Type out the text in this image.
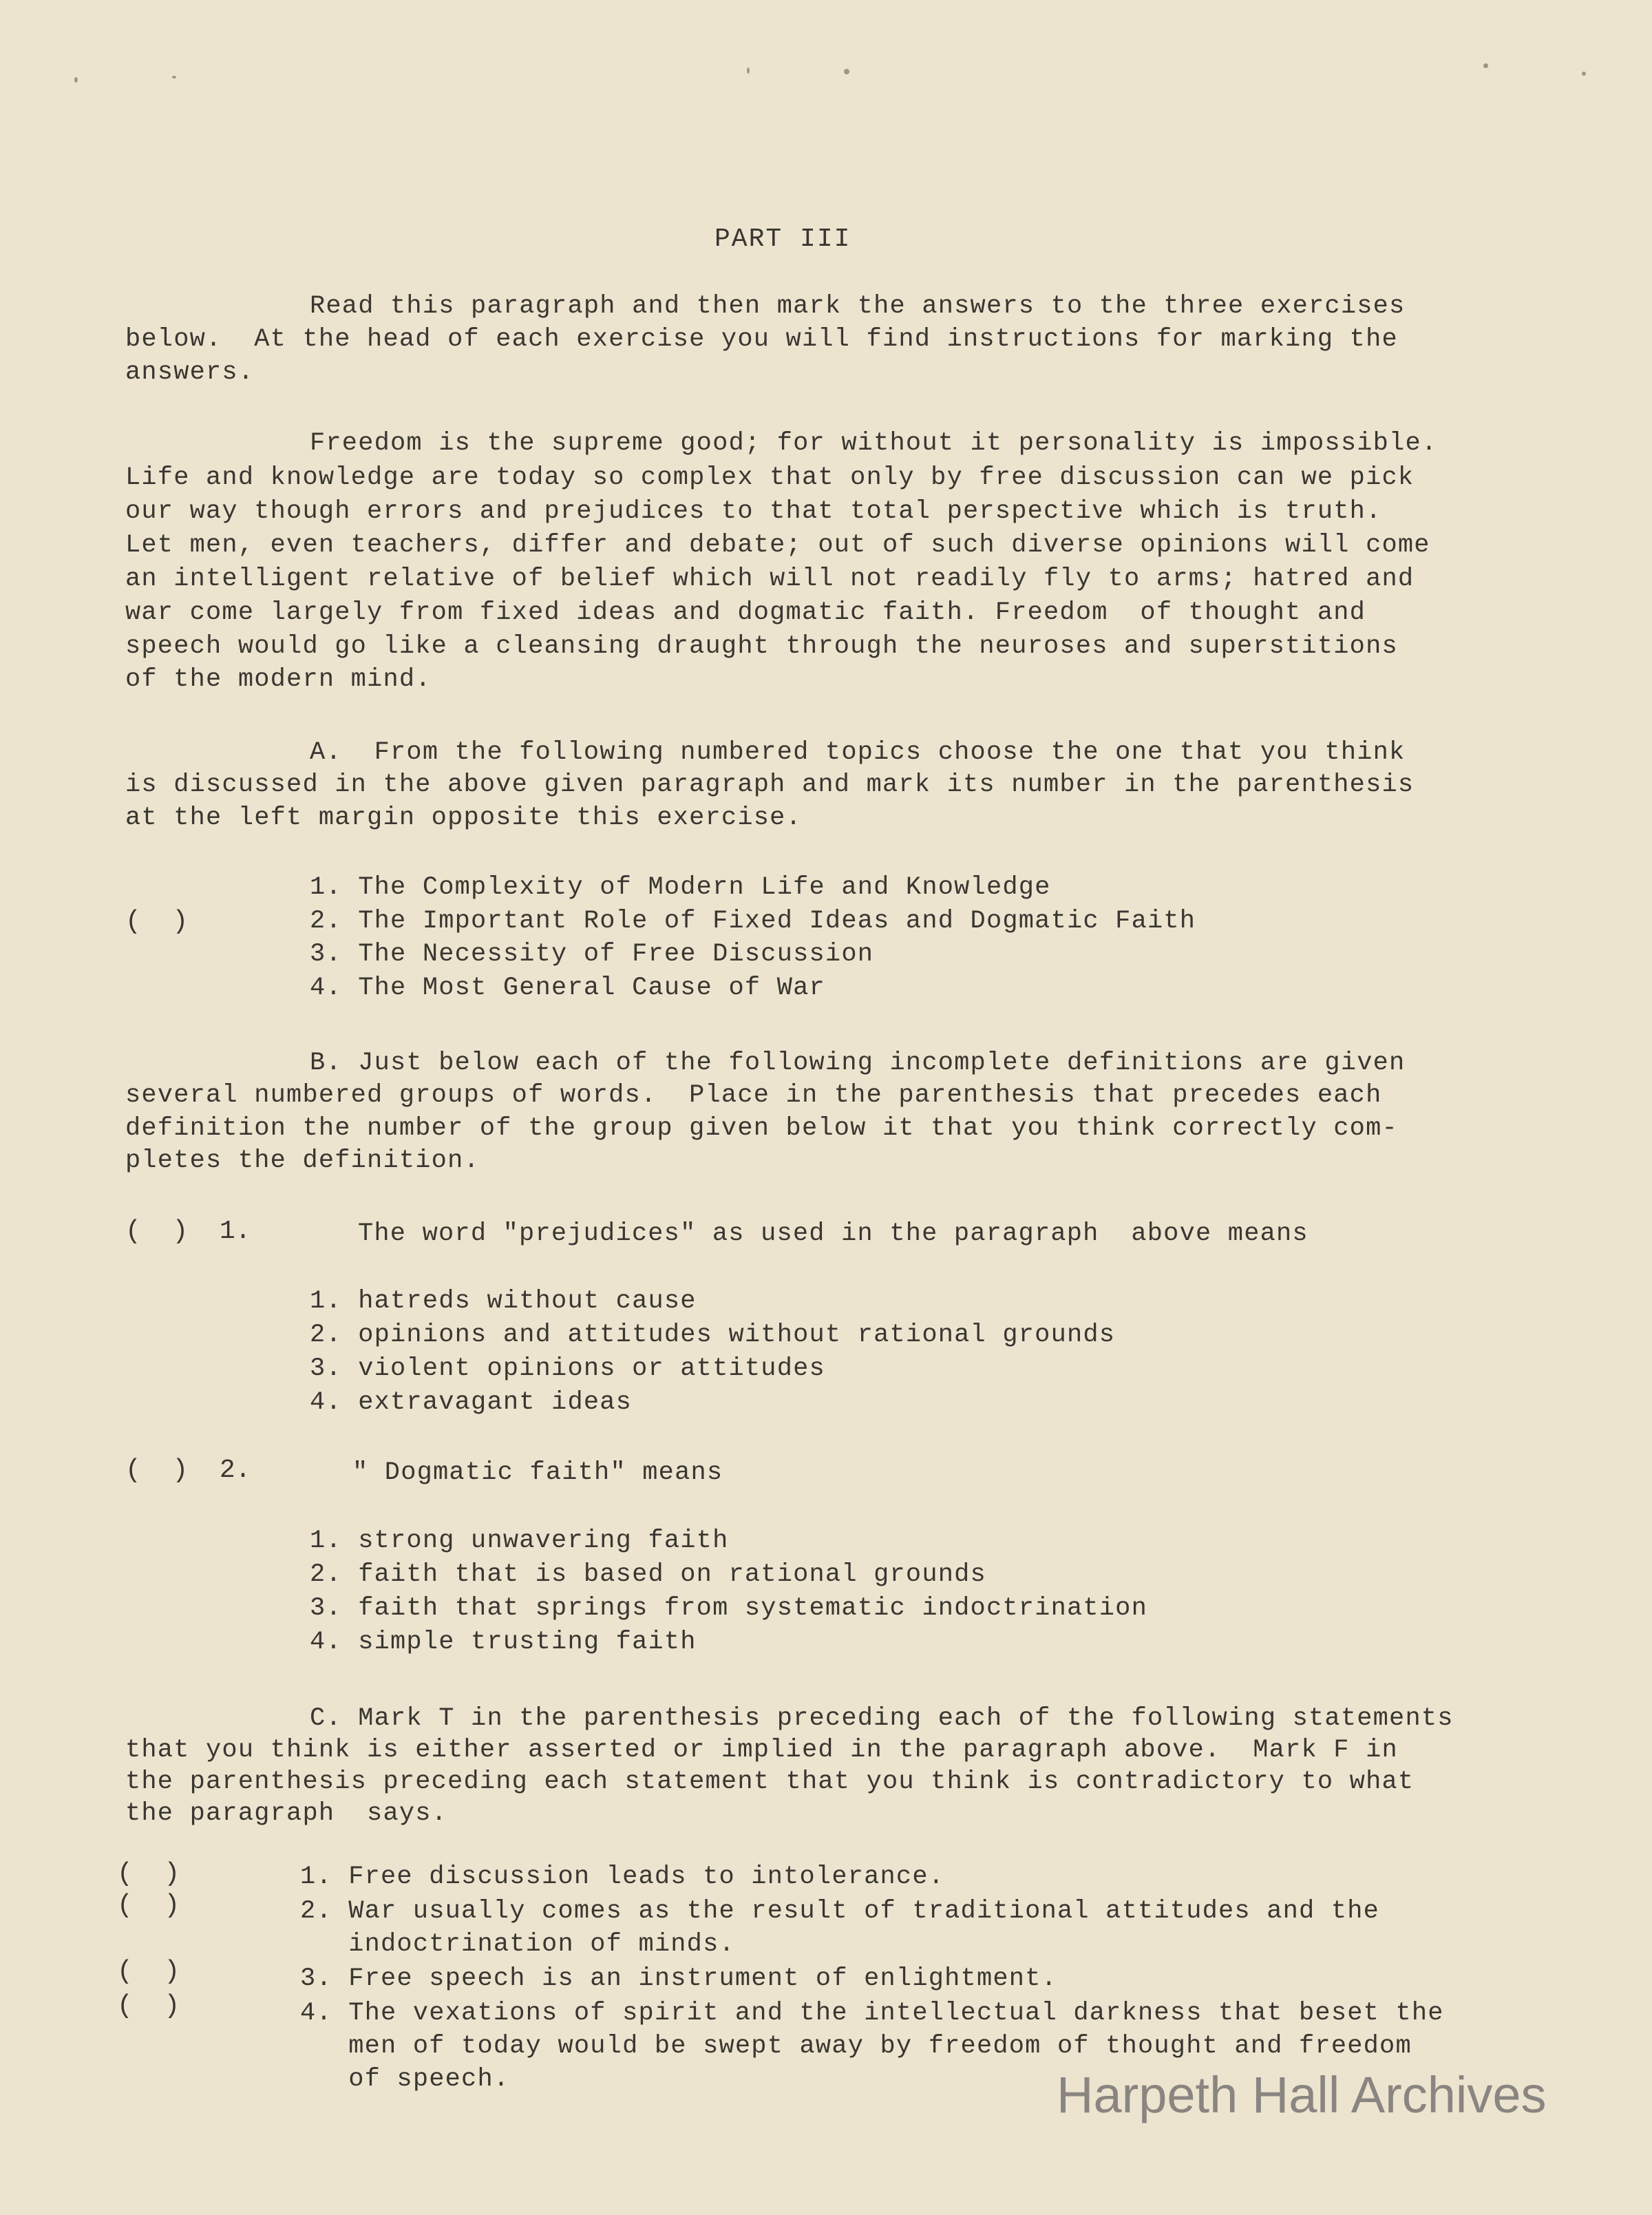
PART III
Read this paragraph and then mark the answers to the three exercises
below.  At the head of each exercise you will find instructions for marking the
answers.
Freedom is the supreme good; for without it personality is impossible.
Life and knowledge are today so complex that only by free discussion can we pick
our way though errors and prejudices to that total perspective which is truth.
Let men, even teachers, differ and debate; out of such diverse opinions will come
an intelligent relative of belief which will not readily fly to arms; hatred and
war come largely from fixed ideas and dogmatic faith. Freedom  of thought and
speech would go like a cleansing draught through the neuroses and superstitions
of the modern mind.
A.  From the following numbered topics choose the one that you think
is discussed in the above given paragraph and mark its number in the parenthesis
at the left margin opposite this exercise.
(  )
1. The Complexity of Modern Life and Knowledge
2. The Important Role of Fixed Ideas and Dogmatic Faith
3. The Necessity of Free Discussion
4. The Most General Cause of War
B. Just below each of the following incomplete definitions are given
several numbered groups of words.  Place in the parenthesis that precedes each
definition the number of the group given below it that you think correctly com-
pletes the definition.
(  )  1.	The word "prejudices" as used in the paragraph  above means
1. hatreds without cause
2. opinions and attitudes without rational grounds
3. violent opinions or attitudes
4. extravagant ideas
(  )  2.	" Dogmatic faith" means
1. strong unwavering faith
2. faith that is based on rational grounds
3. faith that springs from systematic indoctrination
4. simple trusting faith
C. Mark T in the parenthesis preceding each of the following statements
that you think is either asserted or implied in the paragraph above.  Mark F in
the parenthesis preceding each statement that you think is contradictory to what
the paragraph  says.
(  )	1. Free discussion leads to intolerance.
(  )	2. War usually comes as the result of traditional attitudes and the
indoctrination of minds.
(  )	3. Free speech is an instrument of enlightment.
(  )	4. The vexations of spirit and the intellectual darkness that beset the
men of today would be swept away by freedom of thought and freedom
of speech.	Harpeth Hall Archives
